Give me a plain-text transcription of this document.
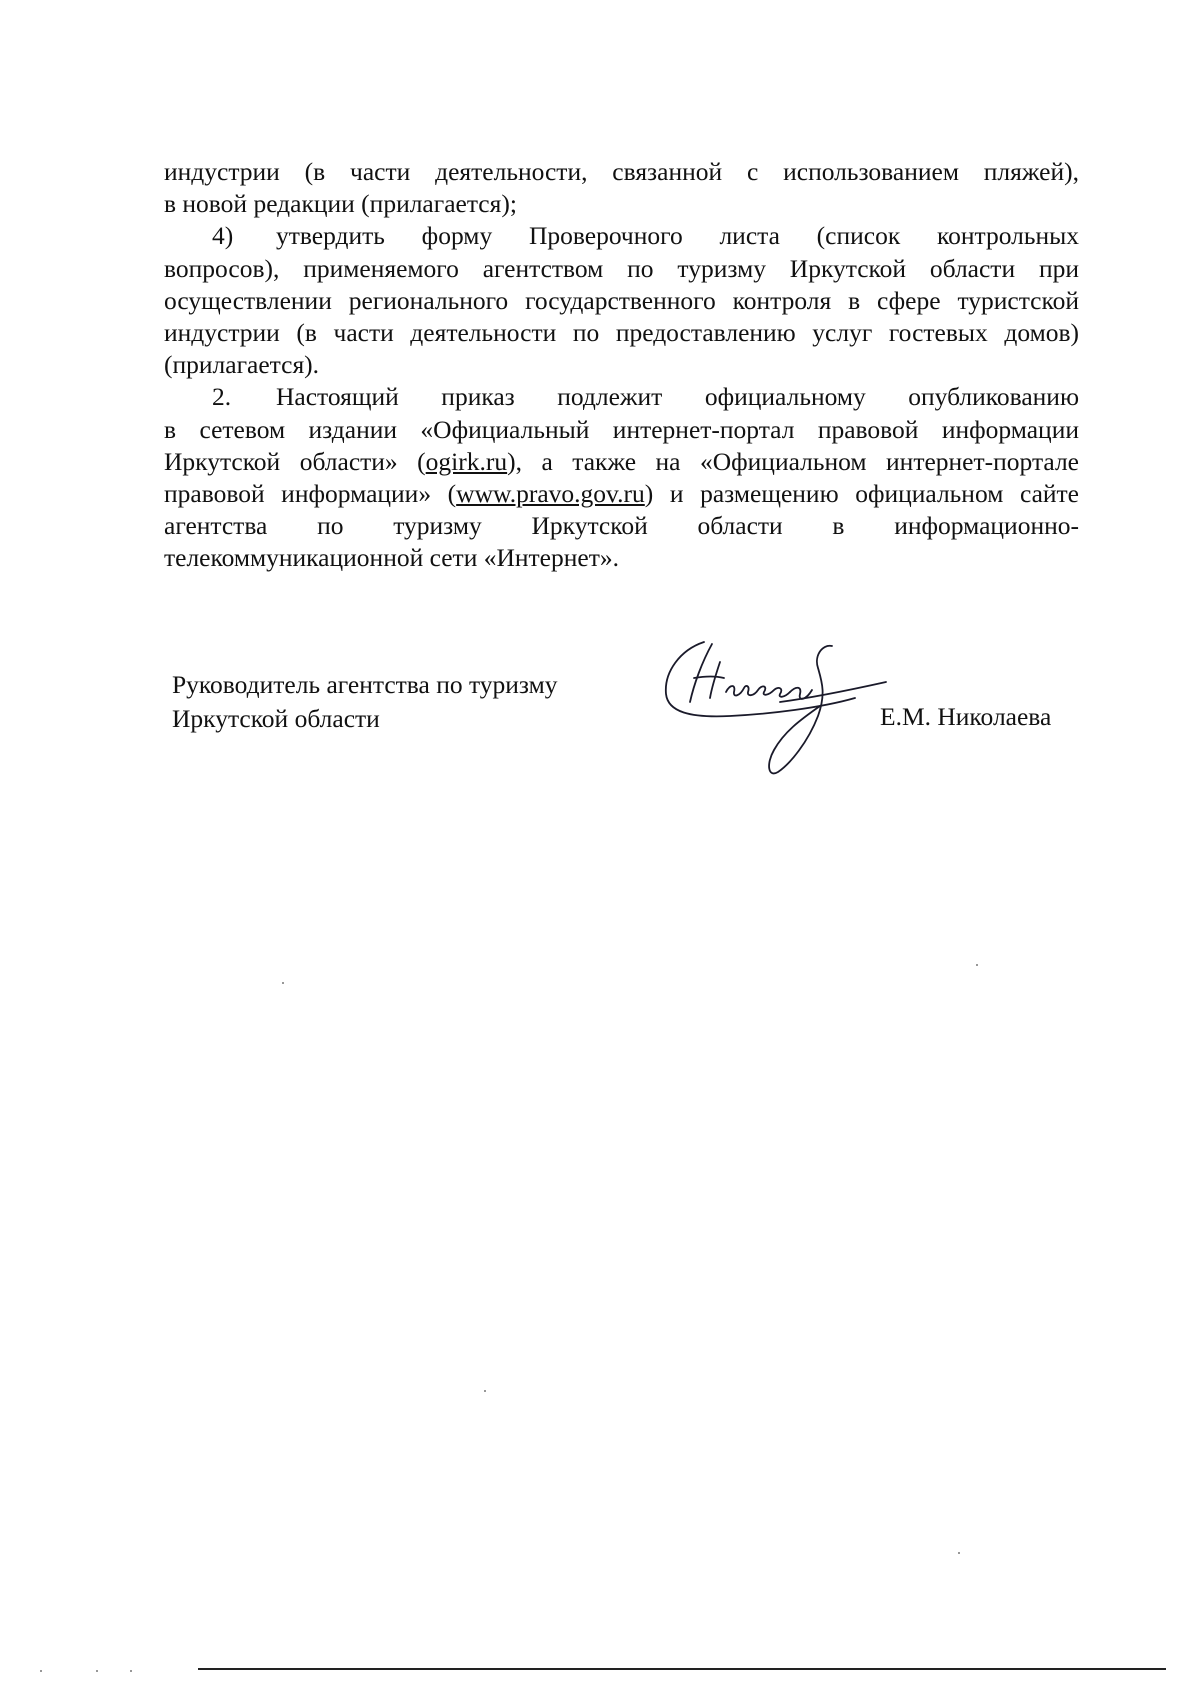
индустрии (в части деятельности, связанной с использованием пляжей),
в новой редакции (прилагается);
4) утвердить форму Проверочного листа (список контрольных
вопросов), применяемого агентством по туризму Иркутской области при
осуществлении регионального государственного контроля в сфере туристской
индустрии (в части деятельности по предоставлению услуг гостевых домов)
(прилагается).
2. Настоящий приказ подлежит официальному опубликованию
в сетевом издании «Официальный интернет-портал правовой информации
Иркутской области» (ogirk.ru), а также на «Официальном интернет-портале
правовой информации» (www.pravo.gov.ru) и размещению официальном сайте
агентства по туризму Иркутской области в информационно-
телекоммуникационной сети «Интернет».
Руководитель агентства по туризму
Иркутской области	Е.М. Николаева
